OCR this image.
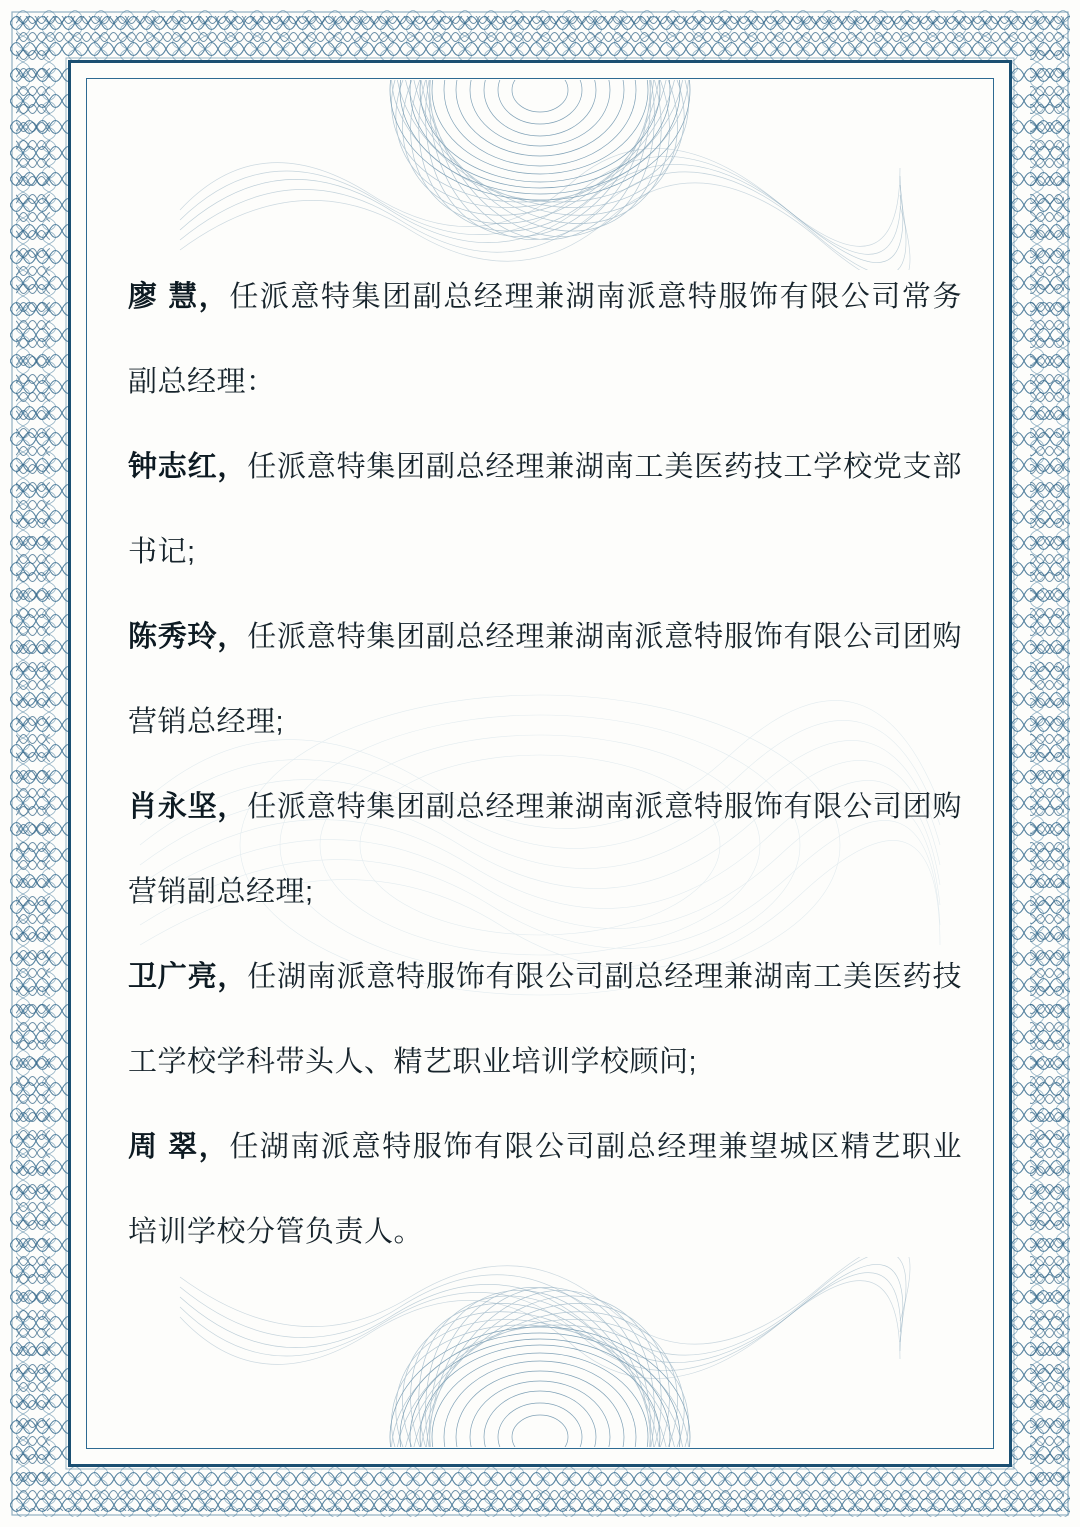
廖 慧，任派意特集团副总经理兼湖南派意特服饰有限公司常务副总经理：

钟志红，任派意特集团副总经理兼湖南工美医药技工学校党支部书记;

陈秀玲，任派意特集团副总经理兼湖南派意特服饰有限公司团购营销总经理;

肖永坚，任派意特集团副总经理兼湖南派意特服饰有限公司团购营销副总经理;

卫广亮，任湖南派意特服饰有限公司副总经理兼湖南工美医药技工学校学科带头人、精艺职业培训学校顾问;

周 翠，任湖南派意特服饰有限公司副总经理兼望城区精艺职业培训学校分管负责人。
